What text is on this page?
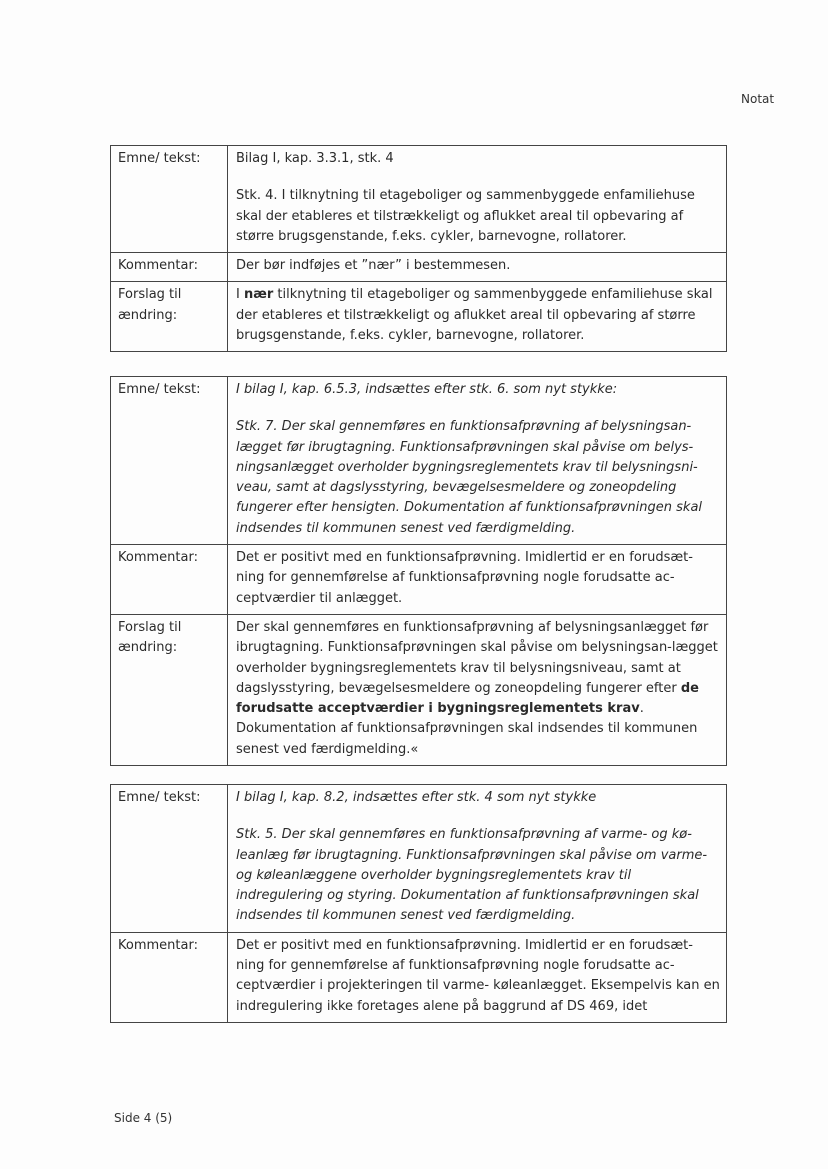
Notat
Emne/ tekst:	Bilag I, kap. 3.3.1, stk. 4
Stk. 4. I tilknytning til etageboliger og sammenbyggede enfamiliehuse skal der etableres et tilstrækkeligt og aflukket areal til opbevaring af større brugsgenstande, f.eks. cykler, barnevogne, rollatorer.

Kommentar:	Der bør indføjes et ”nær” i bestemmesen.
Forslag til ændring:	I nær tilknytning til etageboliger og sammenbyggede enfamiliehuse skal der etableres et tilstrækkeligt og aflukket areal til opbevaring af større brugsgenstande, f.eks. cykler, barnevogne, rollatorer.
Emne/ tekst:	I bilag I, kap. 6.5.3, indsættes efter stk. 6. som nyt stykke:
Stk. 7. Der skal gennemføres en funktionsafprøvning af belysningsan-lægget før ibrugtagning. Funktionsafprøvningen skal påvise om belys-ningsanlægget overholder bygningsreglementets krav til belysningsni-veau, samt at dagslysstyring, bevægelsesmeldere og zoneopdeling fungerer efter hensigten. Dokumentation af funktionsafprøvningen skal indsendes til kommunen senest ved færdigmelding.

Kommentar:	Det er positivt med en funktionsafprøvning. Imidlertid er en forudsæt-ning for gennemførelse af funktionsafprøvning nogle forudsatte ac-ceptværdier til anlægget.
Forslag til ændring:	Der skal gennemføres en funktionsafprøvning af belysningsanlægget før ibrugtagning. Funktionsafprøvningen skal påvise om belysningsan-lægget overholder bygningsreglementets krav til belysningsniveau, samt at dagslysstyring, bevægelsesmeldere og zoneopdeling fungerer efter de forudsatte acceptværdier i bygningsreglementets krav. Dokumentation af funktionsafprøvningen skal indsendes til kommunen senest ved færdigmelding.«
Emne/ tekst:	I bilag I, kap. 8.2, indsættes efter stk. 4 som nyt stykke
Stk. 5. Der skal gennemføres en funktionsafprøvning af varme- og kø-leanlæg før ibrugtagning. Funktionsafprøvningen skal påvise om varme- og køleanlæggene overholder bygningsreglementets krav til indregulering og styring. Dokumentation af funktionsafprøvningen skal indsendes til kommunen senest ved færdigmelding.

Kommentar:	Det er positivt med en funktionsafprøvning. Imidlertid er en forudsæt-ning for gennemførelse af funktionsafprøvning nogle forudsatte ac-ceptværdier i projekteringen til varme- køleanlægget. Eksempelvis kan en indregulering ikke foretages alene på baggrund af DS 469, idet
Side 4 (5)
